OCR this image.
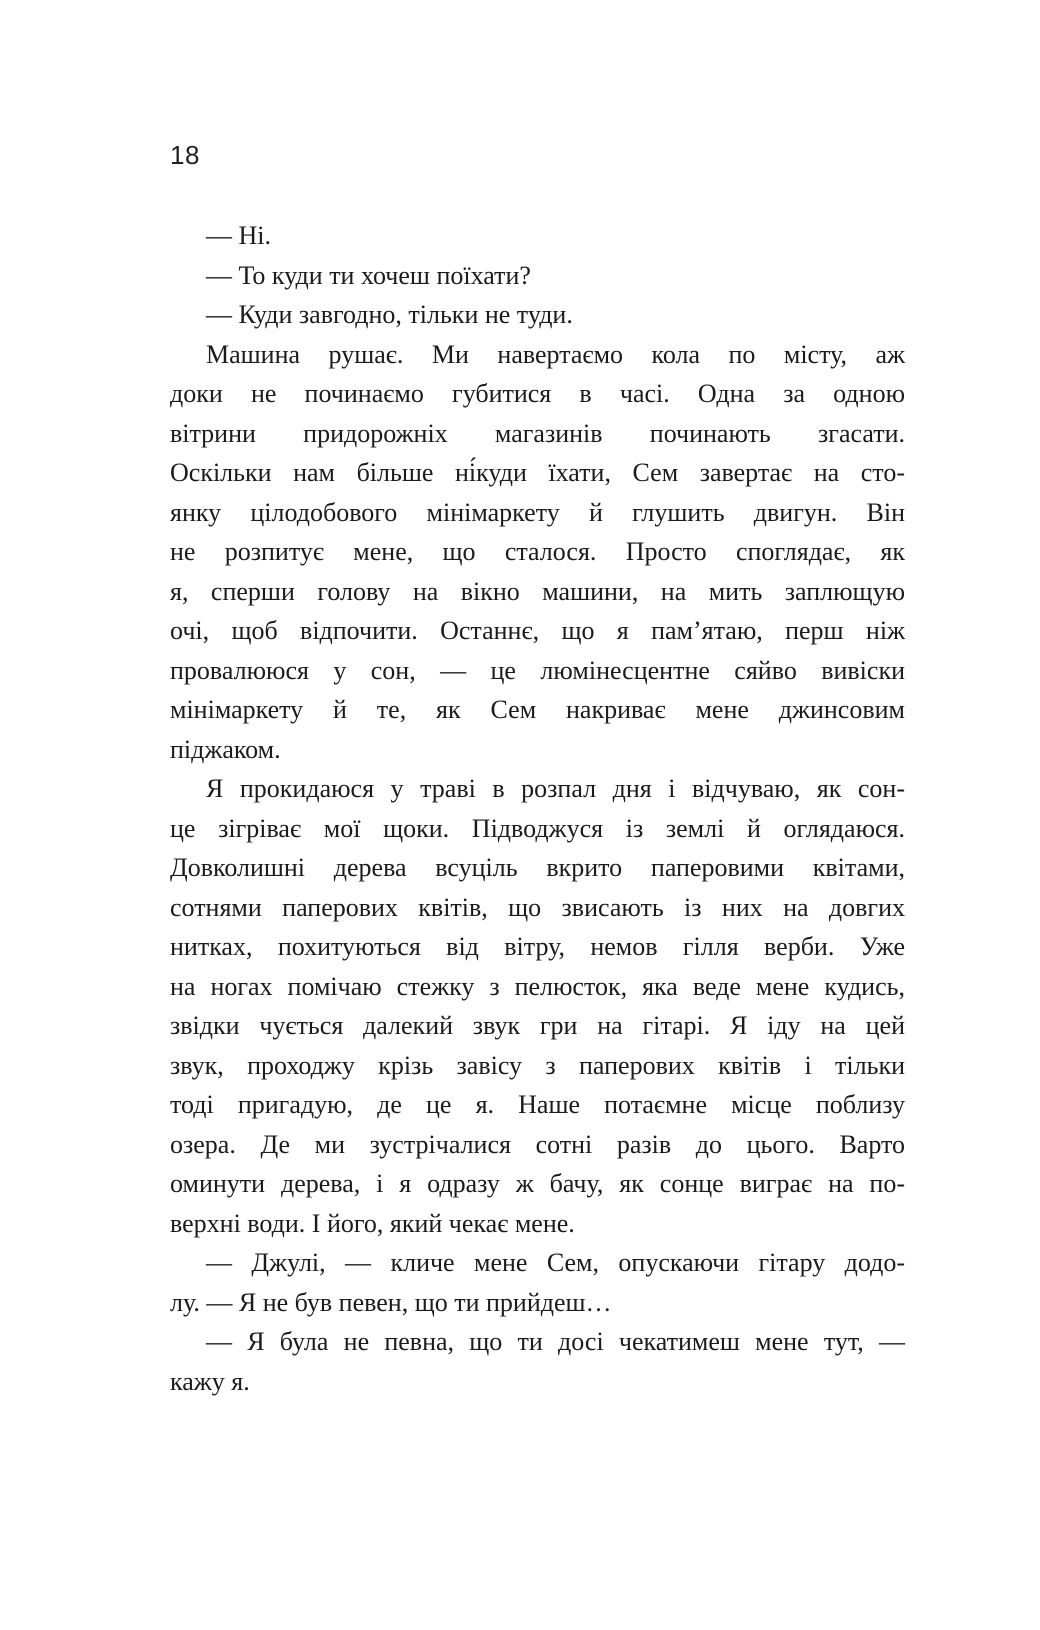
18
— Ні.
— То куди ти хочеш поїхати?
— Куди завгодно, тільки не туди.
Машина рушає. Ми навертаємо кола по місту, аж
доки не починаємо губитися в часі. Одна за одною
вітрини придорожніх магазинів починають згасати.
Оскільки нам більше ні́куди їхати, Сем завертає на сто-
янку цілодобового мінімаркету й глушить двигун. Він
не розпитує мене, що сталося. Просто споглядає, як
я, сперши голову на вікно машини, на мить заплющую
очі, щоб відпочити. Останнє, що я пам’ятаю, перш ніж
провалююся у сон, — це люмінесцентне сяйво вивіски
мінімаркету й те, як Сем накриває мене джинсовим
піджаком.
Я прокидаюся у траві в розпал дня і відчуваю, як сон-
це зігріває мої щоки. Підводжуся із землі й оглядаюся.
Довколишні дерева всуціль вкрито паперовими квітами,
сотнями паперових квітів, що звисають із них на довгих
нитках, похитуються від вітру, немов гілля верби. Уже
на ногах помічаю стежку з пелюсток, яка веде мене кудись,
звідки чується далекий звук гри на гітарі. Я іду на цей
звук, проходжу крізь завісу з паперових квітів і тільки
тоді пригадую, де це я. Наше потаємне місце поблизу
озера. Де ми зустрічалися сотні разів до цього. Варто
оминути дерева, і я одразу ж бачу, як сонце виграє на по-
верхні води. І його, який чекає мене.
— Джулі, — кличе мене Сем, опускаючи гітару додо-
лу. — Я не був певен, що ти прийдеш…
— Я була не певна, що ти досі чекатимеш мене тут, —
кажу я.
